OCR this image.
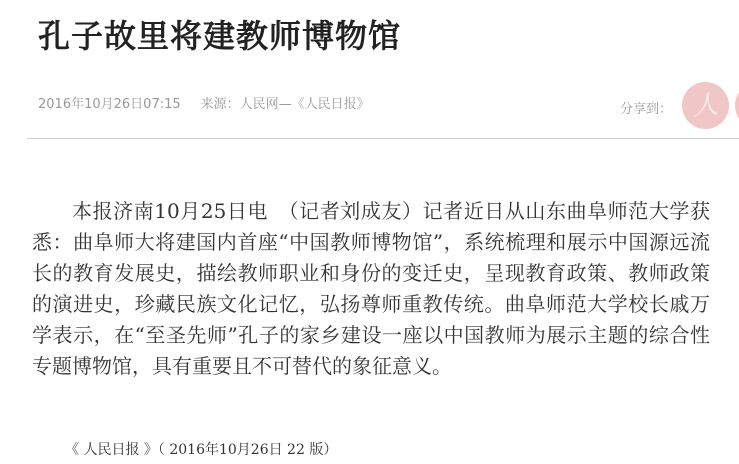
孔子故里将建教师博物馆
2016年10月26日07:15 来源：人民网—《人民日报》	分享到： 人

本报济南10月25日电　（记者刘成友）记者近日从山东曲阜师范大学获悉：曲阜师大将建国内首座“中国教师博物馆”，系统梳理和展示中国源远流长的教育发展史，描绘教师职业和身份的变迁史，呈现教育政策、教师政策的演进史，珍藏民族文化记忆，弘扬尊师重教传统。曲阜师范大学校长戚万学表示，在“至圣先师”孔子的家乡建设一座以中国教师为展示主题的综合性专题博物馆，具有重要且不可替代的象征意义。

《 人民日报 》（ 2016年10月26日 22 版）
